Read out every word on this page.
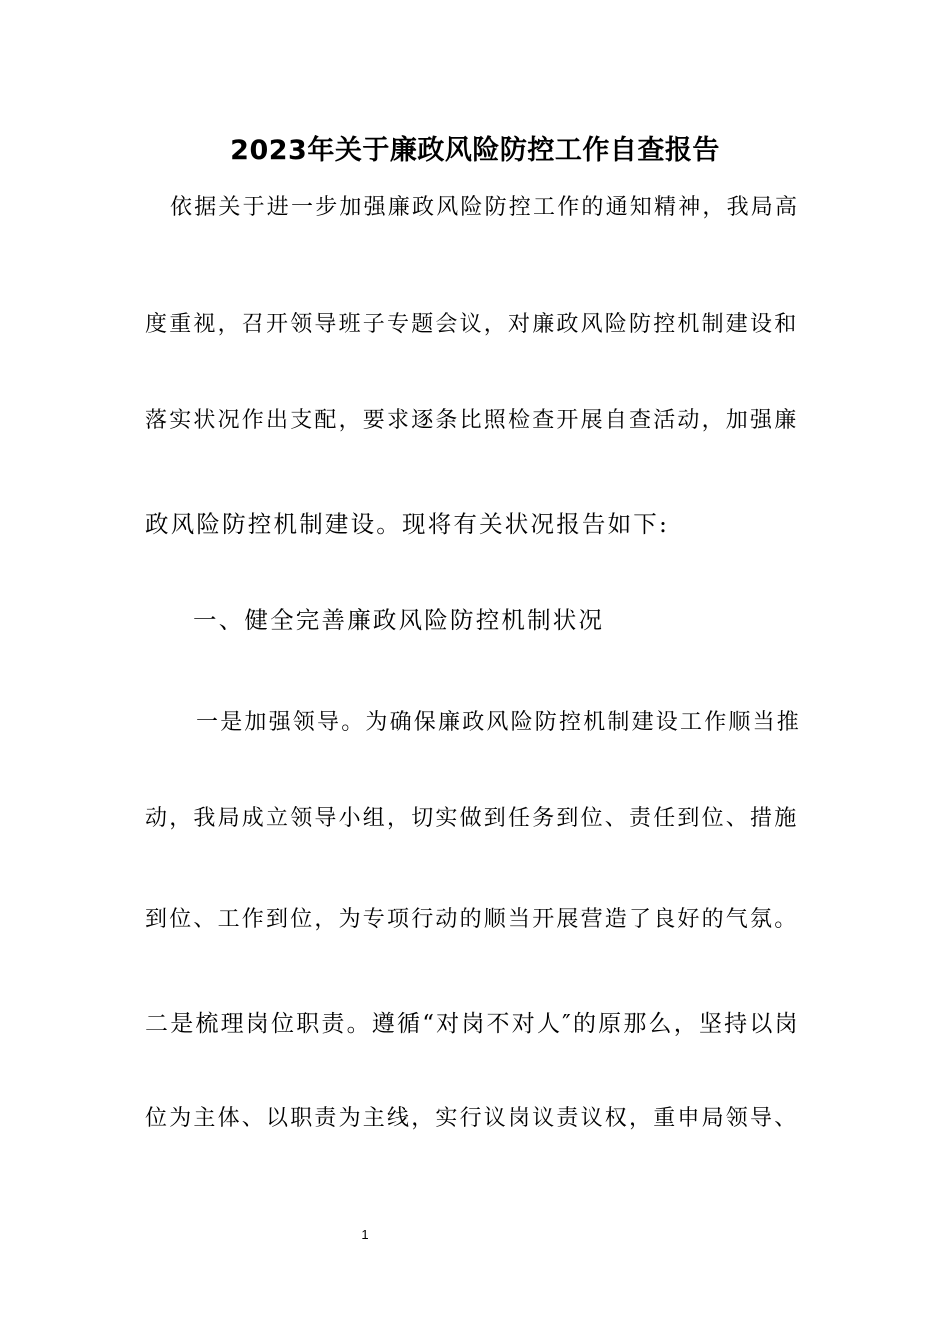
2023年关于廉政风险防控工作自查报告
依据关于进一步加强廉政风险防控工作的通知精神，我局高
度重视，召开领导班子专题会议，对廉政风险防控机制建设和
落实状况作出支配，要求逐条比照检查开展自查活动，加强廉
政风险防控机制建设。现将有关状况报告如下:
一、健全完善廉政风险防控机制状况
一是加强领导。为确保廉政风险防控机制建设工作顺当推
动，我局成立领导小组，切实做到任务到位、责任到位、措施
到位、工作到位，为专项行动的顺当开展营造了良好的气氛。
二是梳理岗位职责。遵循“对岗不对人″的原那么，坚持以岗
位为主体、以职责为主线，实行议岗议责议权，重申局领导、
1
